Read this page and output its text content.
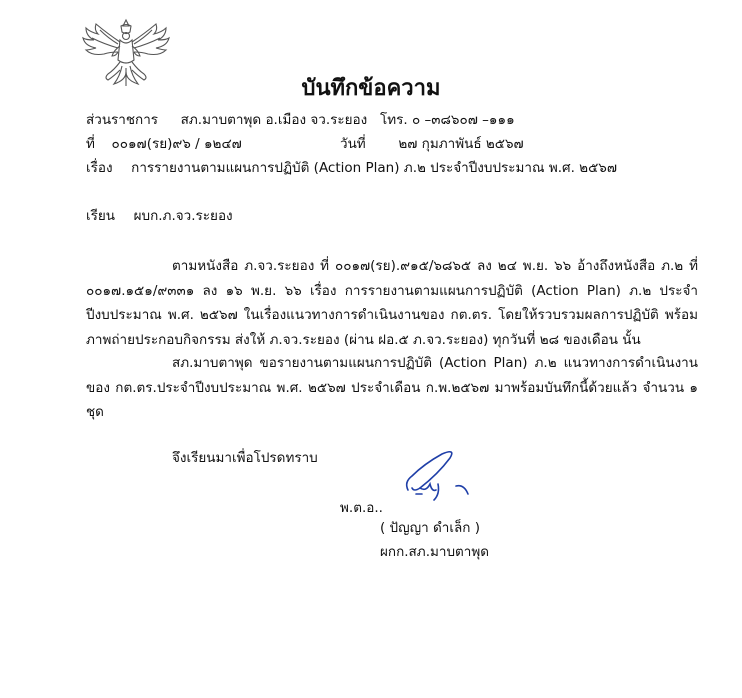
บันทึกข้อความ
ส่วนราชการ สภ.มาบตาพุด อ.เมือง จว.ระยอง โทร. ๐ –๓๘๖๐๗ –๑๑๑
ที่ ๐๐๑๗(รย)๙๖ / ๑๒๔๗	วันที่ ๒๗ กุมภาพันธ์ ๒๕๖๗
เรื่อง การรายงานตามแผนการปฏิบัติ (Action Plan) ภ.๒ ประจำปีงบประมาณ พ.ศ. ๒๕๖๗
เรียน ผบก.ภ.จว.ระยอง
ตามหนังสือ ภ.จว.ระยอง ที่ ๐๐๑๗(รย).๙๑๕/๖๘๖๕ ลง ๒๔ พ.ย. ๖๖ อ้างถึงหนังสือ ภ.๒ ที่ ๐๐๑๗.๑๕๑/๙๓๓๑ ลง ๑๖ พ.ย. ๖๖ เรื่อง การรายงานตามแผนการปฏิบัติ (Action Plan) ภ.๒ ประจำปีงบประมาณ พ.ศ. ๒๕๖๗ ในเรื่องแนวทางการดำเนินงานของ กต.ตร. โดยให้รวบรวมผลการปฏิบัติ พร้อมภาพถ่ายประกอบกิจกรรม ส่งให้ ภ.จว.ระยอง (ผ่าน ฝอ.๕ ภ.จว.ระยอง) ทุกวันที่ ๒๘ ของเดือน นั้น
สภ.มาบตาพุด ขอรายงานตามแผนการปฏิบัติ (Action Plan) ภ.๒ แนวทางการดำเนินงานของ กต.ตร.ประจำปีงบประมาณ พ.ศ. ๒๕๖๗ ประจำเดือน ก.พ.๒๕๖๗ มาพร้อมบันทึกนี้ด้วยแล้ว จำนวน ๑ ชุด
จึงเรียนมาเพื่อโปรดทราบ
พ.ต.อ..
( ปัญญา ดำเล็ก )
ผกก.สภ.มาบตาพุด
